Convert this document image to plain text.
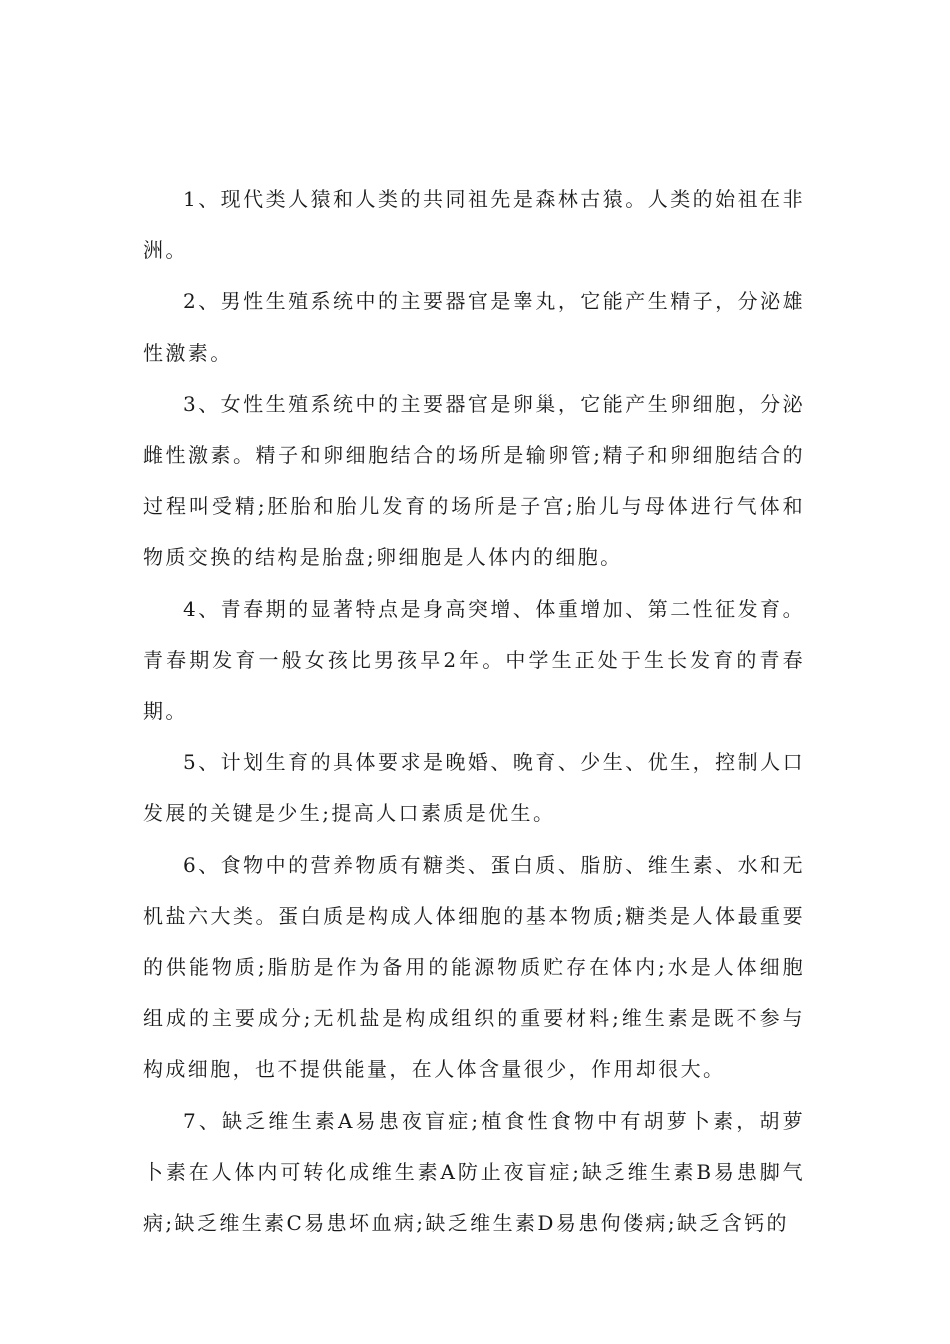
1、现代类人猿和人类的共同祖先是森林古猿。人类的始祖在非洲。

2、男性生殖系统中的主要器官是睾丸，它能产生精子，分泌雄性激素。

3、女性生殖系统中的主要器官是卵巢，它能产生卵细胞，分泌雌性激素。精子和卵细胞结合的场所是输卵管;精子和卵细胞结合的过程叫受精;胚胎和胎儿发育的场所是子宫;胎儿与母体进行气体和物质交换的结构是胎盘;卵细胞是人体内的细胞。

4、青春期的显著特点是身高突增、体重增加、第二性征发育。青春期发育一般女孩比男孩早2年。中学生正处于生长发育的青春期。

5、计划生育的具体要求是晚婚、晚育、少生、优生，控制人口发展的关键是少生;提高人口素质是优生。

6、食物中的营养物质有糖类、蛋白质、脂肪、维生素、水和无机盐六大类。蛋白质是构成人体细胞的基本物质;糖类是人体最重要的供能物质;脂肪是作为备用的能源物质贮存在体内;水是人体细胞组成的主要成分;无机盐是构成组织的重要材料;维生素是既不参与构成细胞，也不提供能量，在人体含量很少，作用却很大。

7、缺乏维生素A易患夜盲症;植食性食物中有胡萝卜素，胡萝卜素在人体内可转化成维生素A防止夜盲症;缺乏维生素B易患脚气病;缺乏维生素C易患坏血病;缺乏维生素D易患佝偻病;缺乏含钙的
